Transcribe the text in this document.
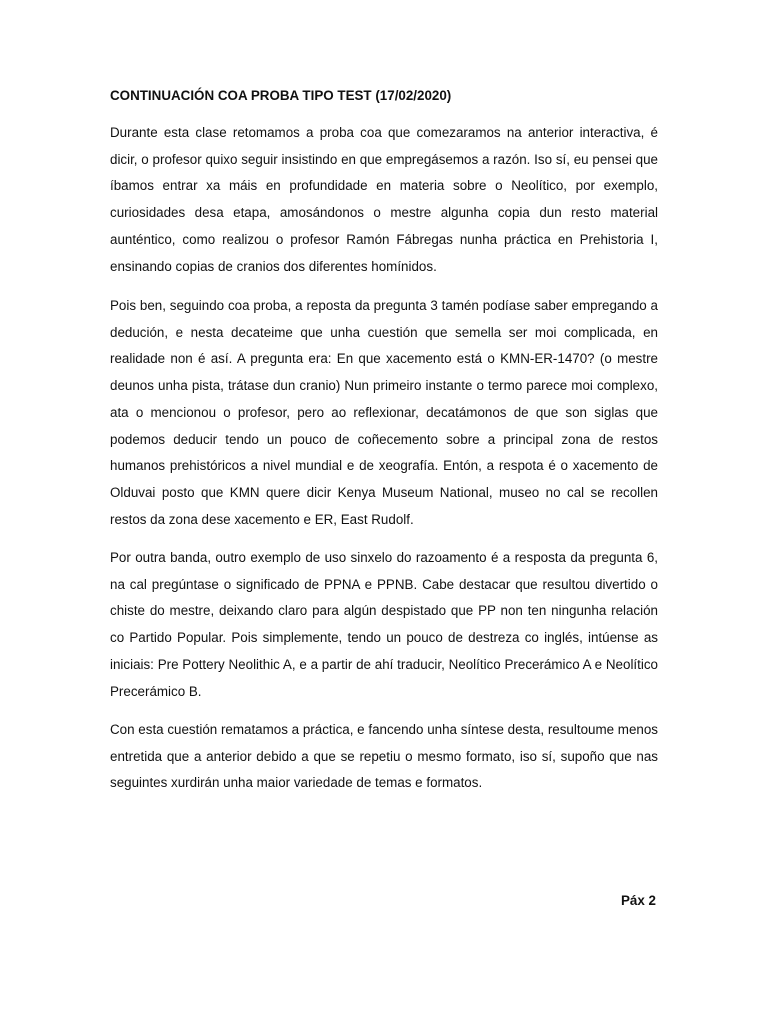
CONTINUACIÓN COA PROBA TIPO TEST (17/02/2020)

Durante esta clase retomamos a proba coa que comezaramos na anterior interactiva, é dicir, o profesor quixo seguir insistindo en que empregásemos a razón. Iso sí, eu pensei que íbamos entrar xa máis en profundidade en materia sobre o Neolítico, por exemplo, curiosidades desa etapa, amosándonos o mestre algunha copia dun resto material aunténtico, como realizou o profesor Ramón Fábregas nunha práctica en Prehistoria I, ensinando copias de cranios dos diferentes homínidos.

Pois ben, seguindo coa proba, a reposta da pregunta 3 tamén podíase saber empregando a dedución, e nesta decateime que unha cuestión que semella ser moi complicada, en realidade non é así. A pregunta era: En que xacemento está o KMN-ER-1470? (o mestre deunos unha pista, trátase dun cranio) Nun primeiro instante o termo parece moi complexo, ata o mencionou o profesor, pero ao reflexionar, decatámonos de que son siglas que podemos deducir tendo un pouco de coñecemento sobre a principal zona de restos humanos prehistóricos a nivel mundial e de xeografía. Entón, a respota é o xacemento de Olduvai posto que KMN quere dicir Kenya Museum National, museo no cal se recollen restos da zona dese xacemento e ER, East Rudolf.

Por outra banda, outro exemplo de uso sinxelo do razoamento é a resposta da pregunta 6, na cal pregúntase o significado de PPNA e PPNB. Cabe destacar que resultou divertido o chiste do mestre, deixando claro para algún despistado que PP non ten ningunha relación co Partido Popular. Pois simplemente, tendo un pouco de destreza co inglés, intúense as iniciais: Pre Pottery Neolithic A, e a partir de ahí traducir, Neolítico Precerámico A e Neolítico Precerámico B.

Con esta cuestión rematamos a práctica, e fancendo unha síntese desta, resultoume menos entretida que a anterior debido a que se repetiu o mesmo formato, iso sí, supoño que nas seguintes xurdirán unha maior variedade de temas e formatos.

Páx 2
